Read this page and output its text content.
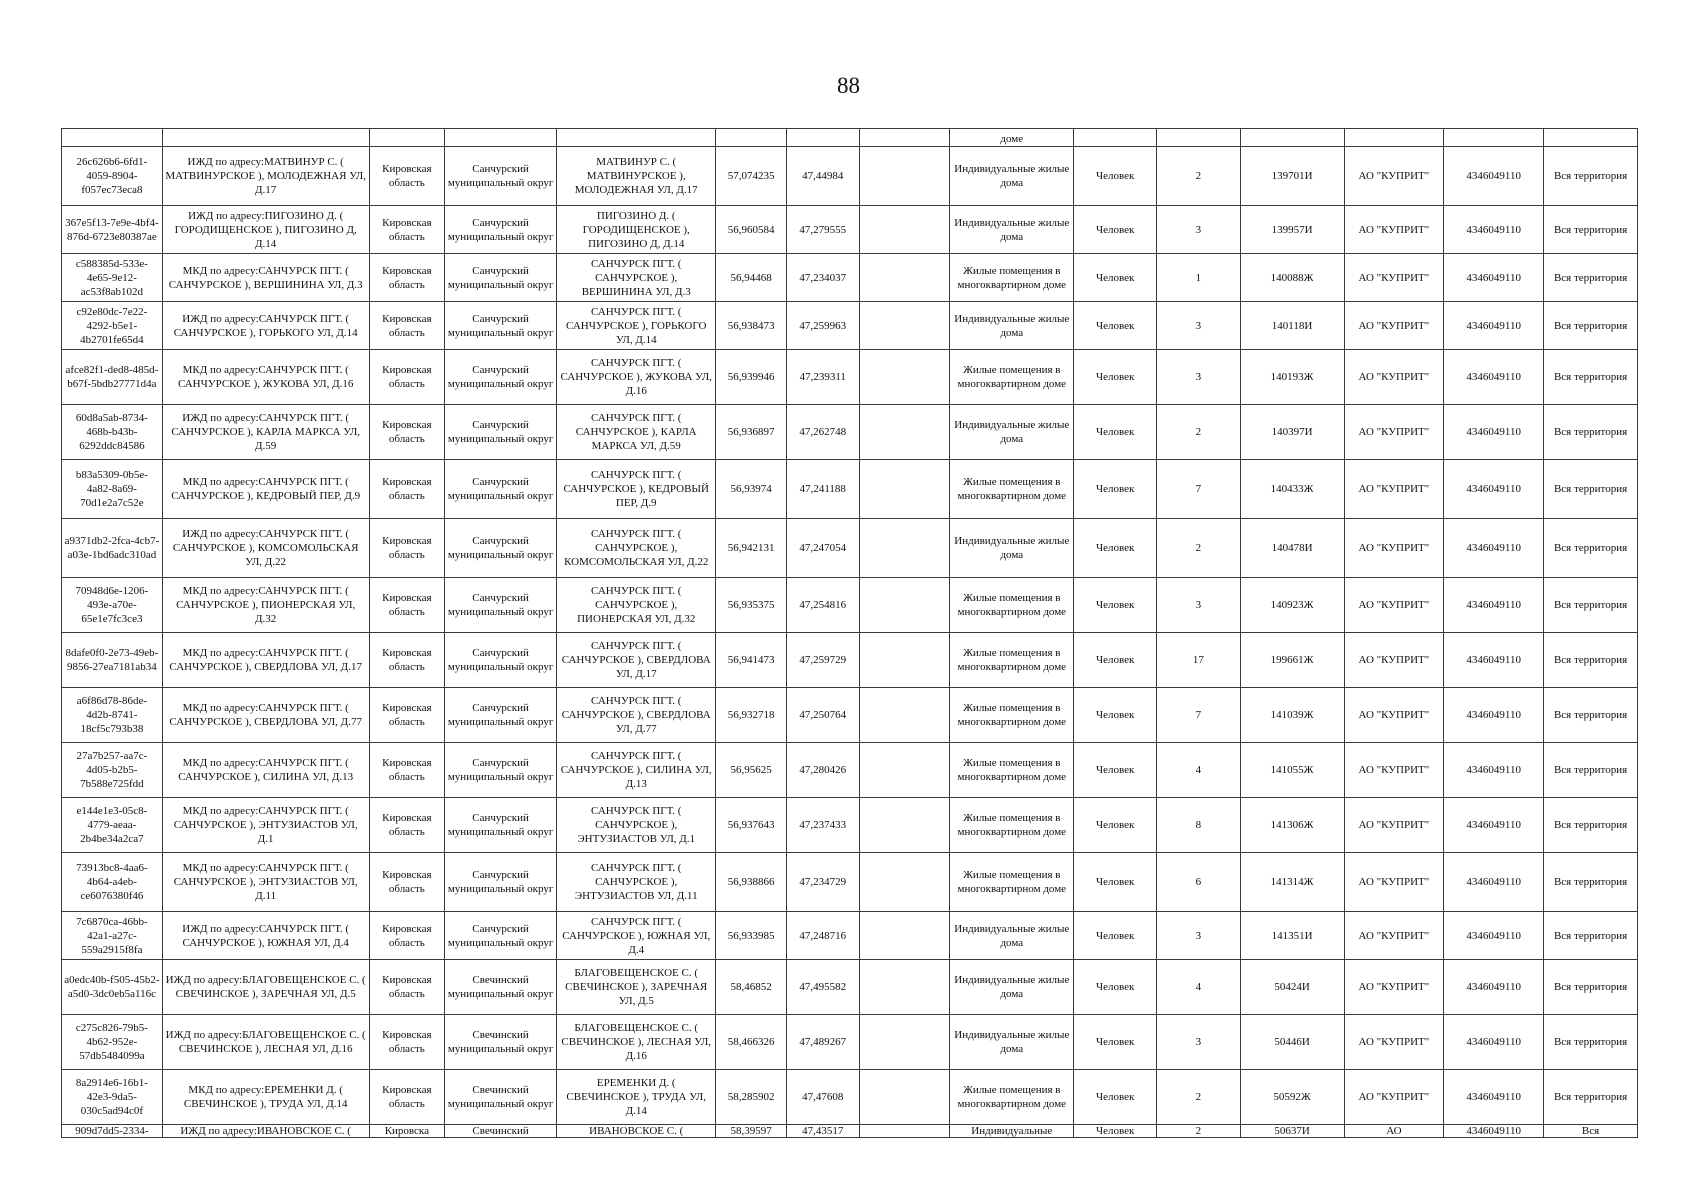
88

								доме						

26c626b6-6fd1-4059-8904-f057ec73eca8	ИЖД по адресу:МАТВИНУР С. ( МАТВИНУРСКОЕ ), МОЛОДЕЖНАЯ УЛ, Д.17	Кировская область	Санчурский муниципальный округ	МАТВИНУР С. ( МАТВИНУРСКОЕ ), МОЛОДЕЖНАЯ УЛ, Д.17	57,074235	47,44984		Индивидуальные жилые дома	Человек	2	139701И	АО "КУПРИТ"	4346049110	Вся территория
367e5f13-7e9e-4bf4-876d-6723e80387ae	ИЖД по адресу:ПИГОЗИНО Д. ( ГОРОДИЩЕНСКОЕ ), ПИГОЗИНО Д, Д.14	Кировская область	Санчурский муниципальный округ	ПИГОЗИНО Д. ( ГОРОДИЩЕНСКОЕ ), ПИГОЗИНО Д, Д.14	56,960584	47,279555		Индивидуальные жилые дома	Человек	3	139957И	АО "КУПРИТ"	4346049110	Вся территория
c588385d-533e-4e65-9e12-ac53f8ab102d	МКД по адресу:САНЧУРСК ПГТ. ( САНЧУРСКОЕ ), ВЕРШИНИНА УЛ, Д.3	Кировская область	Санчурский муниципальный округ	САНЧУРСК ПГТ. ( САНЧУРСКОЕ ), ВЕРШИНИНА УЛ, Д.3	56,94468	47,234037		Жилые помещения в многоквартирном доме	Человек	1	140088Ж	АО "КУПРИТ"	4346049110	Вся территория
c92e80dc-7e22-4292-b5e1-4b2701fe65d4	ИЖД по адресу:САНЧУРСК ПГТ. ( САНЧУРСКОЕ ), ГОРЬКОГО УЛ, Д.14	Кировская область	Санчурский муниципальный округ	САНЧУРСК ПГТ. ( САНЧУРСКОЕ ), ГОРЬКОГО УЛ, Д.14	56,938473	47,259963		Индивидуальные жилые дома	Человек	3	140118И	АО "КУПРИТ"	4346049110	Вся территория
afce82f1-ded8-485d-b67f-5bdb27771d4a	МКД по адресу:САНЧУРСК ПГТ. ( САНЧУРСКОЕ ), ЖУКОВА УЛ, Д.16	Кировская область	Санчурский муниципальный округ	САНЧУРСК ПГТ. ( САНЧУРСКОЕ ), ЖУКОВА УЛ, Д.16	56,939946	47,239311		Жилые помещения в многоквартирном доме	Человек	3	140193Ж	АО "КУПРИТ"	4346049110	Вся территория
60d8a5ab-8734-468b-b43b-6292ddc84586	ИЖД по адресу:САНЧУРСК ПГТ. ( САНЧУРСКОЕ ), КАРЛА МАРКСА УЛ, Д.59	Кировская область	Санчурский муниципальный округ	САНЧУРСК ПГТ. ( САНЧУРСКОЕ ), КАРЛА МАРКСА УЛ, Д.59	56,936897	47,262748		Индивидуальные жилые дома	Человек	2	140397И	АО "КУПРИТ"	4346049110	Вся территория
b83a5309-0b5e-4a82-8a69-70d1e2a7c52e	МКД по адресу:САНЧУРСК ПГТ. ( САНЧУРСКОЕ ), КЕДРОВЫЙ ПЕР, Д.9	Кировская область	Санчурский муниципальный округ	САНЧУРСК ПГТ. ( САНЧУРСКОЕ ), КЕДРОВЫЙ ПЕР, Д.9	56,93974	47,241188		Жилые помещения в многоквартирном доме	Человек	7	140433Ж	АО "КУПРИТ"	4346049110	Вся территория
a9371db2-2fca-4cb7-a03e-1bd6adc310ad	ИЖД по адресу:САНЧУРСК ПГТ. ( САНЧУРСКОЕ ), КОМСОМОЛЬСКАЯ УЛ, Д.22	Кировская область	Санчурский муниципальный округ	САНЧУРСК ПГТ. ( САНЧУРСКОЕ ), КОМСОМОЛЬСКАЯ УЛ, Д.22	56,942131	47,247054		Индивидуальные жилые дома	Человек	2	140478И	АО "КУПРИТ"	4346049110	Вся территория
70948d6e-1206-493e-a70e-65e1e7fc3ce3	МКД по адресу:САНЧУРСК ПГТ. ( САНЧУРСКОЕ ), ПИОНЕРСКАЯ УЛ, Д.32	Кировская область	Санчурский муниципальный округ	САНЧУРСК ПГТ. ( САНЧУРСКОЕ ), ПИОНЕРСКАЯ УЛ, Д.32	56,935375	47,254816		Жилые помещения в многоквартирном доме	Человек	3	140923Ж	АО "КУПРИТ"	4346049110	Вся территория
8dafe0f0-2e73-49eb-9856-27ea7181ab34	МКД по адресу:САНЧУРСК ПГТ. ( САНЧУРСКОЕ ), СВЕРДЛОВА УЛ, Д.17	Кировская область	Санчурский муниципальный округ	САНЧУРСК ПГТ. ( САНЧУРСКОЕ ), СВЕРДЛОВА УЛ, Д.17	56,941473	47,259729		Жилые помещения в многоквартирном доме	Человек	17	199661Ж	АО "КУПРИТ"	4346049110	Вся территория
a6f86d78-86de-4d2b-8741-18cf5c793b38	МКД по адресу:САНЧУРСК ПГТ. ( САНЧУРСКОЕ ), СВЕРДЛОВА УЛ, Д.77	Кировская область	Санчурский муниципальный округ	САНЧУРСК ПГТ. ( САНЧУРСКОЕ ), СВЕРДЛОВА УЛ, Д.77	56,932718	47,250764		Жилые помещения в многоквартирном доме	Человек	7	141039Ж	АО "КУПРИТ"	4346049110	Вся территория
27a7b257-aa7c-4d05-b2b5-7b588e725fdd	МКД по адресу:САНЧУРСК ПГТ. ( САНЧУРСКОЕ ), СИЛИНА УЛ, Д.13	Кировская область	Санчурский муниципальный округ	САНЧУРСК ПГТ. ( САНЧУРСКОЕ ), СИЛИНА УЛ, Д.13	56,95625	47,280426		Жилые помещения в многоквартирном доме	Человек	4	141055Ж	АО "КУПРИТ"	4346049110	Вся территория
e144e1e3-05c8-4779-aeaa-2b4be34a2ca7	МКД по адресу:САНЧУРСК ПГТ. ( САНЧУРСКОЕ ), ЭНТУЗИАСТОВ УЛ, Д.1	Кировская область	Санчурский муниципальный округ	САНЧУРСК ПГТ. ( САНЧУРСКОЕ ), ЭНТУЗИАСТОВ УЛ, Д.1	56,937643	47,237433		Жилые помещения в многоквартирном доме	Человек	8	141306Ж	АО "КУПРИТ"	4346049110	Вся территория
73913bc8-4aa6-4b64-a4eb-ce6076380f46	МКД по адресу:САНЧУРСК ПГТ. ( САНЧУРСКОЕ ), ЭНТУЗИАСТОВ УЛ, Д.11	Кировская область	Санчурский муниципальный округ	САНЧУРСК ПГТ. ( САНЧУРСКОЕ ), ЭНТУЗИАСТОВ УЛ, Д.11	56,938866	47,234729		Жилые помещения в многоквартирном доме	Человек	6	141314Ж	АО "КУПРИТ"	4346049110	Вся территория
7c6870ca-46bb-42a1-a27c-559a2915f8fa	ИЖД по адресу:САНЧУРСК ПГТ. ( САНЧУРСКОЕ ), ЮЖНАЯ УЛ, Д.4	Кировская область	Санчурский муниципальный округ	САНЧУРСК ПГТ. ( САНЧУРСКОЕ ), ЮЖНАЯ УЛ, Д.4	56,933985	47,248716		Индивидуальные жилые дома	Человек	3	141351И	АО "КУПРИТ"	4346049110	Вся территория
a0edc40b-f505-45b2-a5d0-3dc0eb5a116c	ИЖД по адресу:БЛАГОВЕЩЕНСКОЕ С. ( СВЕЧИНСКОЕ ), ЗАРЕЧНАЯ УЛ, Д.5	Кировская область	Свечинский муниципальный округ	БЛАГОВЕЩЕНСКОЕ С. ( СВЕЧИНСКОЕ ), ЗАРЕЧНАЯ УЛ, Д.5	58,46852	47,495582		Индивидуальные жилые дома	Человек	4	50424И	АО "КУПРИТ"	4346049110	Вся территория
c275c826-79b5-4b62-952e-57db5484099a	ИЖД по адресу:БЛАГОВЕЩЕНСКОЕ С. ( СВЕЧИНСКОЕ ), ЛЕСНАЯ УЛ, Д.16	Кировская область	Свечинский муниципальный округ	БЛАГОВЕЩЕНСКОЕ С. ( СВЕЧИНСКОЕ ), ЛЕСНАЯ УЛ, Д.16	58,466326	47,489267		Индивидуальные жилые дома	Человек	3	50446И	АО "КУПРИТ"	4346049110	Вся территория
8a2914e6-16b1-42e3-9da5-030c5ad94c0f	МКД по адресу:ЕРЕМЕНКИ Д. ( СВЕЧИНСКОЕ ), ТРУДА УЛ, Д.14	Кировская область	Свечинский муниципальный округ	ЕРЕМЕНКИ Д. ( СВЕЧИНСКОЕ ), ТРУДА УЛ, Д.14	58,285902	47,47608		Жилые помещения в многоквартирном доме	Человек	2	50592Ж	АО "КУПРИТ"	4346049110	Вся территория
909d7dd5-2334-	ИЖД по адресу:ИВАНОВСКОЕ С. (	Кировска	Свечинский	ИВАНОВСКОЕ С. (	58,39597	47,43517		Индивидуальные	Человек	2	50637И	АО	4346049110	Вся
